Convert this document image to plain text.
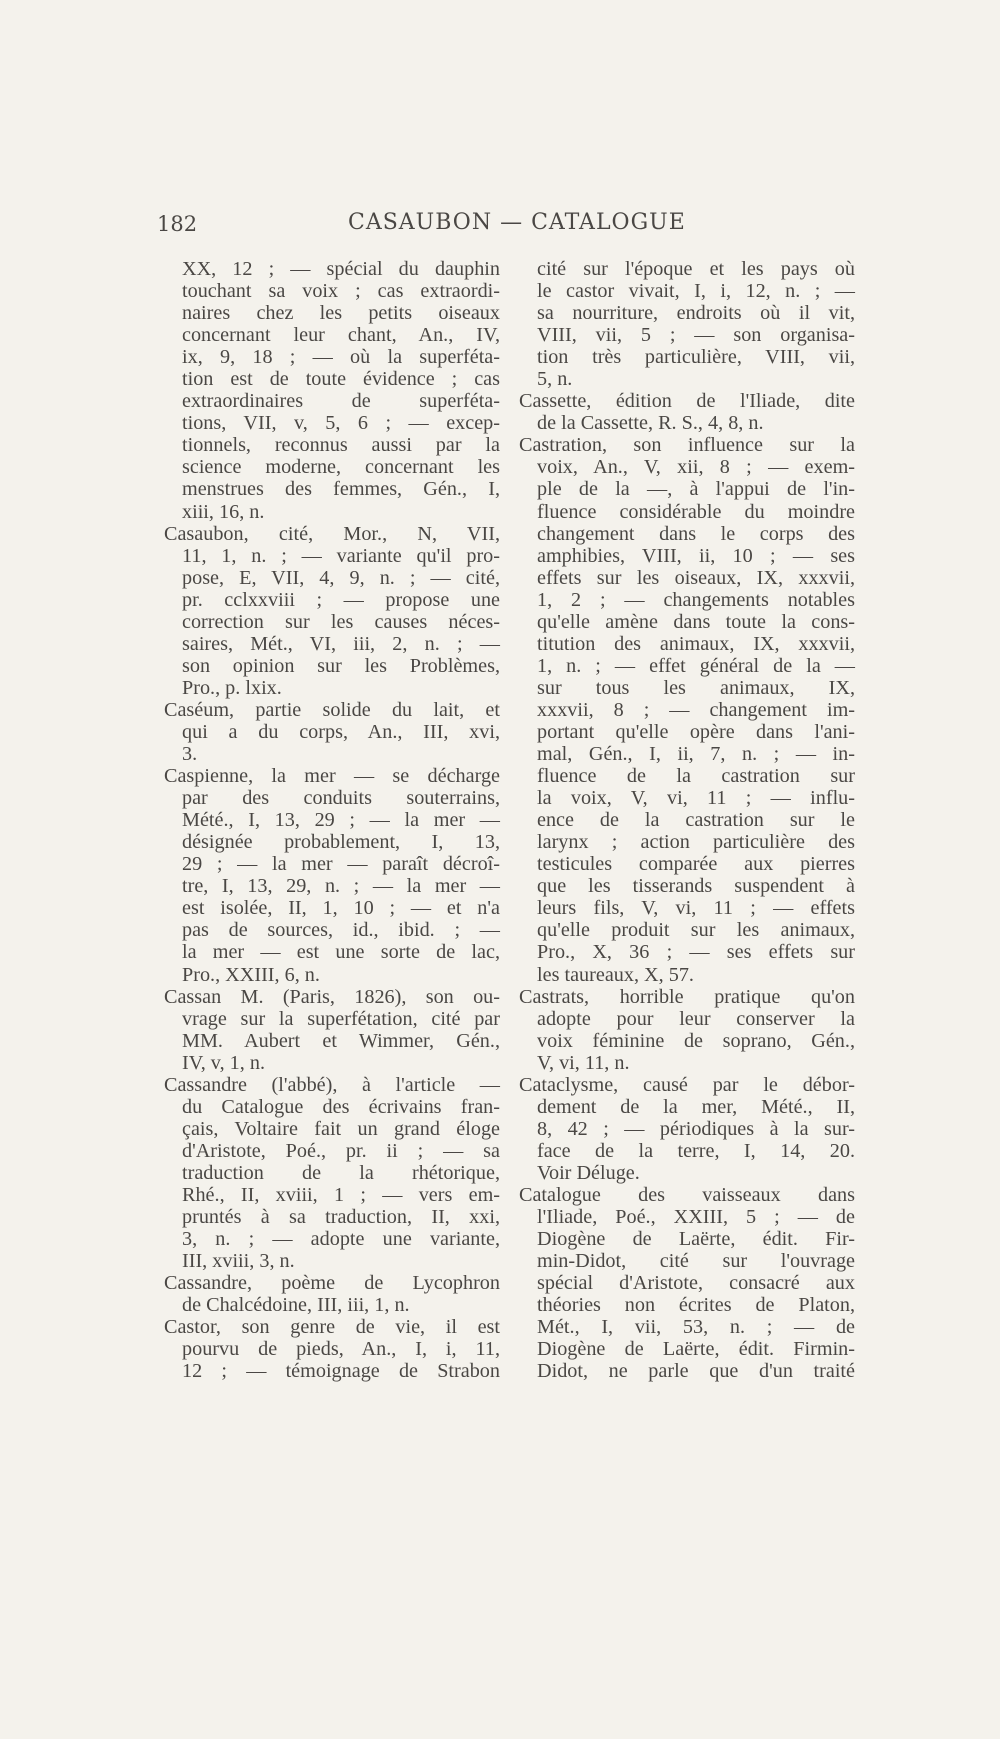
182	CASAUBON — CATALOGUE
XX, 12 ; — spécial du dauphin
touchant sa voix ; cas extraordi-
naires chez les petits oiseaux
concernant leur chant, An., IV,
ix, 9, 18 ; — où la superféta-
tion est de toute évidence ; cas
extraordinaires de superféta-
tions, VII, v, 5, 6 ; — excep-
tionnels, reconnus aussi par la
science moderne, concernant les
menstrues des femmes, Gén., I,
xiii, 16, n.
Casaubon, cité, Mor., N, VII,
11, 1, n. ; — variante qu'il pro-
pose, E, VII, 4, 9, n. ; — cité,
pr. cclxxviii ; — propose une
correction sur les causes néces-
saires, Mét., VI, iii, 2, n. ; —
son opinion sur les Problèmes,
Pro., p. lxix.
Caséum, partie solide du lait, et
qui a du corps, An., III, xvi,
3.
Caspienne, la mer — se décharge
par des conduits souterrains,
Mété., I, 13, 29 ; — la mer —
désignée probablement, I, 13,
29 ; — la mer — paraît décroî-
tre, I, 13, 29, n. ; — la mer —
est isolée, II, 1, 10 ; — et n'a
pas de sources, id., ibid. ; —
la mer — est une sorte de lac,
Pro., XXIII, 6, n.
Cassan M. (Paris, 1826), son ou-
vrage sur la superfétation, cité par
MM. Aubert et Wimmer, Gén.,
IV, v, 1, n.
Cassandre (l'abbé), à l'article —
du Catalogue des écrivains fran-
çais, Voltaire fait un grand éloge
d'Aristote, Poé., pr. ii ; — sa
traduction de la rhétorique,
Rhé., II, xviii, 1 ; — vers em-
pruntés à sa traduction, II, xxi,
3, n. ; — adopte une variante,
III, xviii, 3, n.
Cassandre, poème de Lycophron
de Chalcédoine, III, iii, 1, n.
Castor, son genre de vie, il est
pourvu de pieds, An., I, i, 11,
12 ; — témoignage de Strabon
cité sur l'époque et les pays où
le castor vivait, I, i, 12, n. ; —
sa nourriture, endroits où il vit,
VIII, vii, 5 ; — son organisa-
tion très particulière, VIII, vii,
5, n.
Cassette, édition de l'Iliade, dite
de la Cassette, R. S., 4, 8, n.
Castration, son influence sur la
voix, An., V, xii, 8 ; — exem-
ple de la —, à l'appui de l'in-
fluence considérable du moindre
changement dans le corps des
amphibies, VIII, ii, 10 ; — ses
effets sur les oiseaux, IX, xxxvii,
1, 2 ; — changements notables
qu'elle amène dans toute la cons-
titution des animaux, IX, xxxvii,
1, n. ; — effet général de la —
sur tous les animaux, IX,
xxxvii, 8 ; — changement im-
portant qu'elle opère dans l'ani-
mal, Gén., I, ii, 7, n. ; — in-
fluence de la castration sur
la voix, V, vi, 11 ; — influ-
ence de la castration sur le
larynx ; action particulière des
testicules comparée aux pierres
que les tisserands suspendent à
leurs fils, V, vi, 11 ; — effets
qu'elle produit sur les animaux,
Pro., X, 36 ; — ses effets sur
les taureaux, X, 57.
Castrats, horrible pratique qu'on
adopte pour leur conserver la
voix féminine de soprano, Gén.,
V, vi, 11, n.
Cataclysme, causé par le débor-
dement de la mer, Mété., II,
8, 42 ; — périodiques à la sur-
face de la terre, I, 14, 20.
Voir Déluge.
Catalogue des vaisseaux dans
l'Iliade, Poé., XXIII, 5 ; — de
Diogène de Laërte, édit. Fir-
min-Didot, cité sur l'ouvrage
spécial d'Aristote, consacré aux
théories non écrites de Platon,
Mét., I, vii, 53, n. ; — de
Diogène de Laërte, édit. Firmin-
Didot, ne parle que d'un traité
